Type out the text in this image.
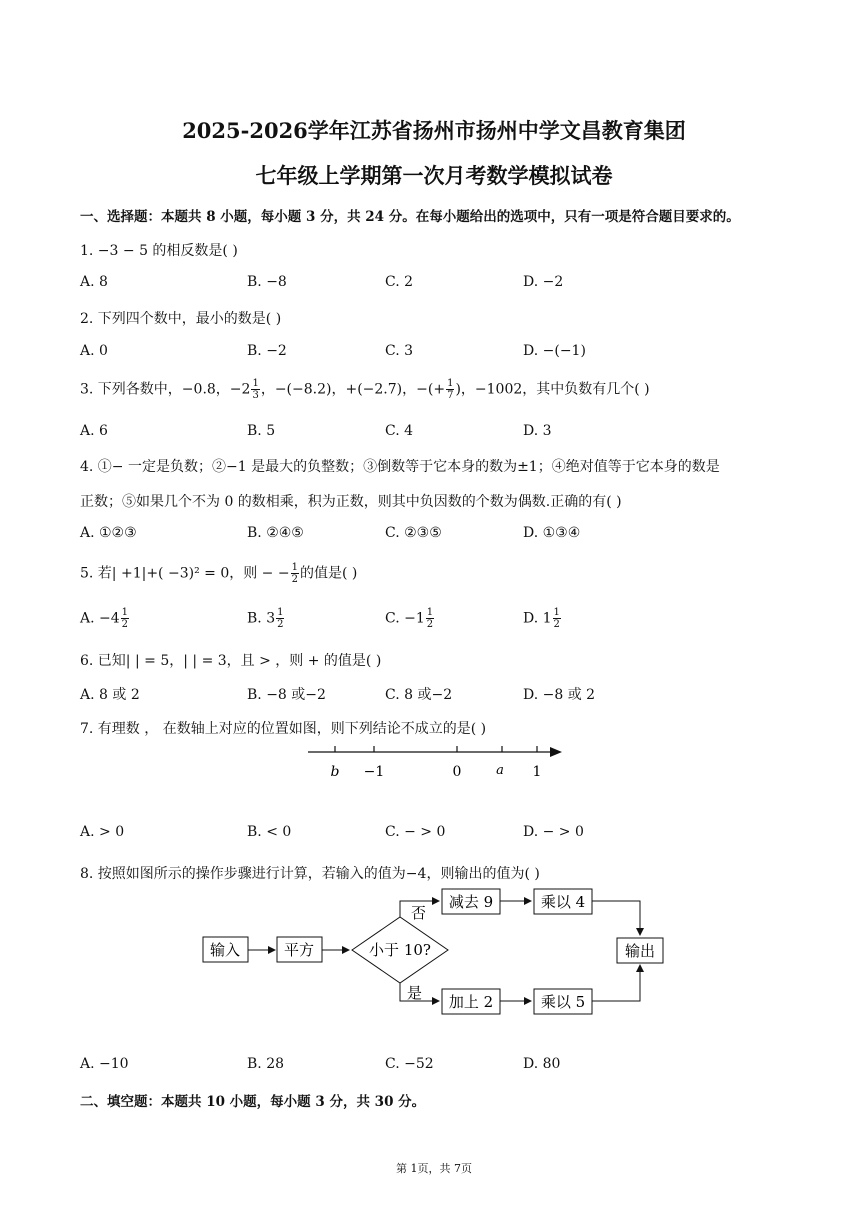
2025-2026学年江苏省扬州市扬州中学文昌教育集团
七年级上学期第一次月考数学模拟试卷
一、选择题：本题共 8 小题，每小题 3 分，共 24 分。在每小题给出的选项中，只有一项是符合题目要求的。
1. −3 − 5 的相反数是( )
A. 8	B. −8	C. 2	D. −2
2. 下列四个数中，最小的数是( )
A. 0	B. −2	C. 3	D. −(−1)
3. 下列各数中，−0.8，$-2 \frac{1}{3}$ ，−(−8.2)，+(−2.7)，−(+ $\frac{1}{7}$ )，−1002，其中负数有几个( )
A. 6	B. 5	C. 4	D. 3
4. ①− 一定是负数；②−1 是最大的负整数；③倒数等于它本身的数为±1；④绝对值等于它本身的数是
正数；⑤如果几个不为 0 的数相乘，积为正数，则其中负因数的个数为偶数.正确的有( )
A. ①②③	B. ②④⑤	C. ②③⑤	D. ①③④
5. 若| +1|+( −3)² = 0，则 − − $\frac{1}{2}$ 的值是( )
A. $-4 \frac{1}{2}$	B. $3 \frac{1}{2}$	C. $-1 \frac{1}{2}$	D. $1 \frac{1}{2}$
6. 已知| | = 5，| | = 3，且 > ，则 + 的值是( )
A. 8 或 2	B. −8 或−2	C. 8 或−2	D. −8 或 2
7. 有理数 ， 在数轴上对应的位置如图，则下列结论不成立的是( )
b −1	0	a 1
A. > 0	B. < 0	C. − > 0	D. − > 0
8. 按照如图所示的操作步骤进行计算，若输入的值为−4，则输出的值为( )
输入	平方	小于 10?
否
是
减去 9	乘以 4
加上 2	乘以 5
输出
A. −10	B. 28	C. −52	D. 80
二、填空题：本题共 10 小题，每小题 3 分，共 30 分。
第 1页，共 7页
